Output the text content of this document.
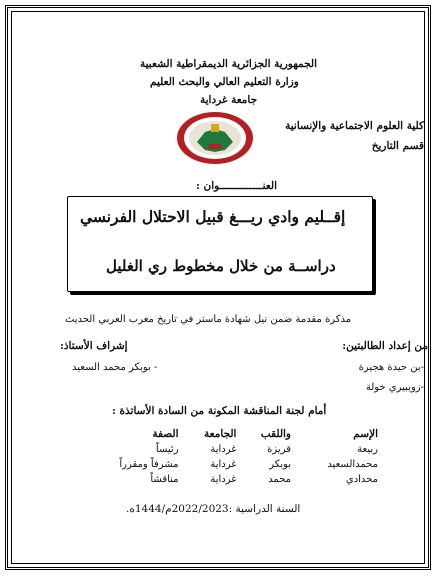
الجمهورية الجزائرية الديمقراطية الشعبية
وزارة التعليم العالي والبحث العليم
جامعة غرداية
كلية العلوم الاجتماعية والإنسانية
قسم التاريخ
العنــــــــــــــوان :
إقــليم وادي ريـــغ قبيل الاحتلال الفرنسي
دراســة من خلال مخطوط ري الغليل
مذكرة مقدمة ضمن نيل شهادة ماستر في تاريخ مغرب العربي الحديث
من إعداد الطالبتين:
إشراف الأستاذ:
-بن حيدة هجيرة
- بوبكر محمد السعيد
-زويبيري خولة
أمام لجنة المناقشة المكونة من السادة الأساتذة :
الإسم	واللقب	الجامعة	الصفة
ربيعة	قريزة	غرداية	رئيساً
محمدالسعيد	بوبكر	غرداية	مشرفاً ومقرراً
محدادي	محمد	غرداية	مناقشاً
السنة الدراسية :2022/2023م/1444ه.
